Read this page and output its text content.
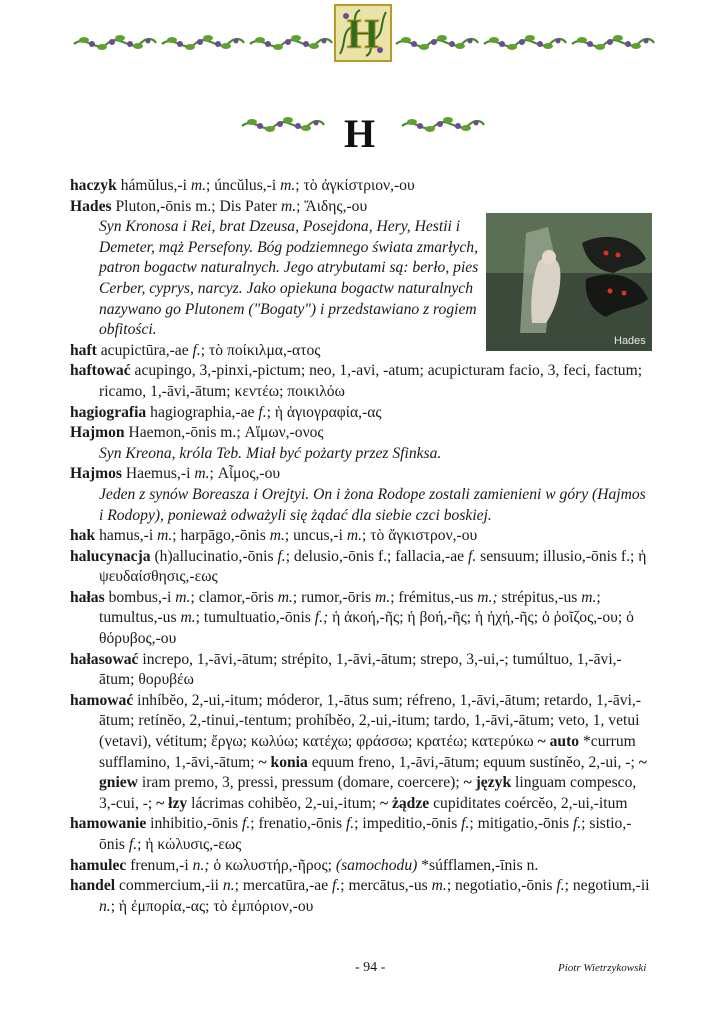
H
H

haczyk hámŭlus,-i m.; úncŭlus,-i m.; τὸ ἀγκίστριον,-ου

Hades Pluton,-ōnis m.; Dis Pater m.; Ἅιδης,-ου

Syn Kronosa i Rei, brat Dzeusa, Posejdona, Hery, Hestii i Demeter, mąż Persefony. Bóg podziemnego świata zmarłych, patron bogactw naturalnych. Jego atrybutami są: berło, pies Cerber, cyprys, narcyz. Jako opiekuna bogactw naturalnych nazywano go Plutonem ("Bogaty") i przedstawiano z rogiem obfitości.

haft acupictūra,-ae f.; τὸ ποίκιλμα,-ατος

haftować acupingo, 3,-pinxi,-pictum; neo, 1,-avi, -atum; acupicturam facio, 3, feci, factum; ricamo, 1,-āvi,-ātum; κεντέω; ποικιλόω

hagiografia hagiographia,-ae f.; ἡ ἁγιογραφία,-ας

Hajmon Haemon,-ōnis m.; Αἵμων,-ονος

Syn Kreona, króla Teb. Miał być pożarty przez Sfinksa.

Hajmos Haemus,-i m.; Αἷμος,-ου

Jeden z synów Boreasza i Orejtyi. On i żona Rodope zostali zamienieni w góry (Hajmos i Rodopy), ponieważ odważyli się żądać dla siebie czci boskiej.

hak hamus,-i m.; harpāgo,-ōnis m.; uncus,-i m.; τὸ ἄγκιστρον,-ου

halucynacja (h)allucinatio,-ōnis f.; delusio,-ōnis f.; fallacia,-ae f. sensuum; illusio,-ōnis f.; ἡ ψευδαίσθησις,-εως

hałas bombus,-i m.; clamor,-ōris m.; rumor,-ōris m.; frémitus,-us m.; strépitus,-us m.; tumultus,-us m.; tumultuatio,-ōnis f.; ἡ ἀκοή,-ῆς; ἡ βοή,-ῆς; ἡ ἠχή,-ῆς; ὁ ῥοῖζος,-ου; ὁ θόρυβος,-ου

hałasować increpo, 1,-āvi,-ātum; strépito, 1,-āvi,-ātum; strepo, 3,-ui,-; tumúltuo, 1,-āvi,-ātum; θορυβέω

hamować inhíbĕo, 2,-ui,-itum; móderor, 1,-ātus sum; réfreno, 1,-āvi,-ātum; retardo, 1,-āvi,-ātum; retínĕo, 2,-tinui,-tentum; prohíbĕo, 2,-ui,-itum; tardo, 1,-āvi,-ātum; veto, 1, vetui (vetavi), vétitum; ἔργω; κωλύω; κατέχω; φράσσω; κρατέω; κατερύκω ~ auto *currum sufflamino, 1,-āvi,-ātum; ~ konia equum freno, 1,-āvi,-ātum; equum sustínĕo, 2,-ui, -; ~ gniew iram premo, 3, pressi, pressum (domare, coercere); ~ język linguam compesco, 3,-cui, -; ~ łzy lácrimas cohibĕo, 2,-ui,-itum; ~ żądze cupiditates coércĕo, 2,-ui,-itum

hamowanie inhibitio,-ōnis f.; frenatio,-ōnis f.; impeditio,-ōnis f.; mitigatio,-ōnis f.; sistio,-ōnis f.; ἡ κώλυσις,-εως

hamulec frenum,-i n.; ὁ κωλυστήρ,-ῆρος; (samochodu) *súfflamen,-īnis n.

handel commercium,-ii n.; mercatūra,-ae f.; mercātus,-us m.; negotiatio,-ōnis f.; negotium,-ii n.; ἡ ἐμπορία,-ας; τὸ ἐμπόριον,-ου

Hades
- 94 -	Piotr Wietrzykowski
